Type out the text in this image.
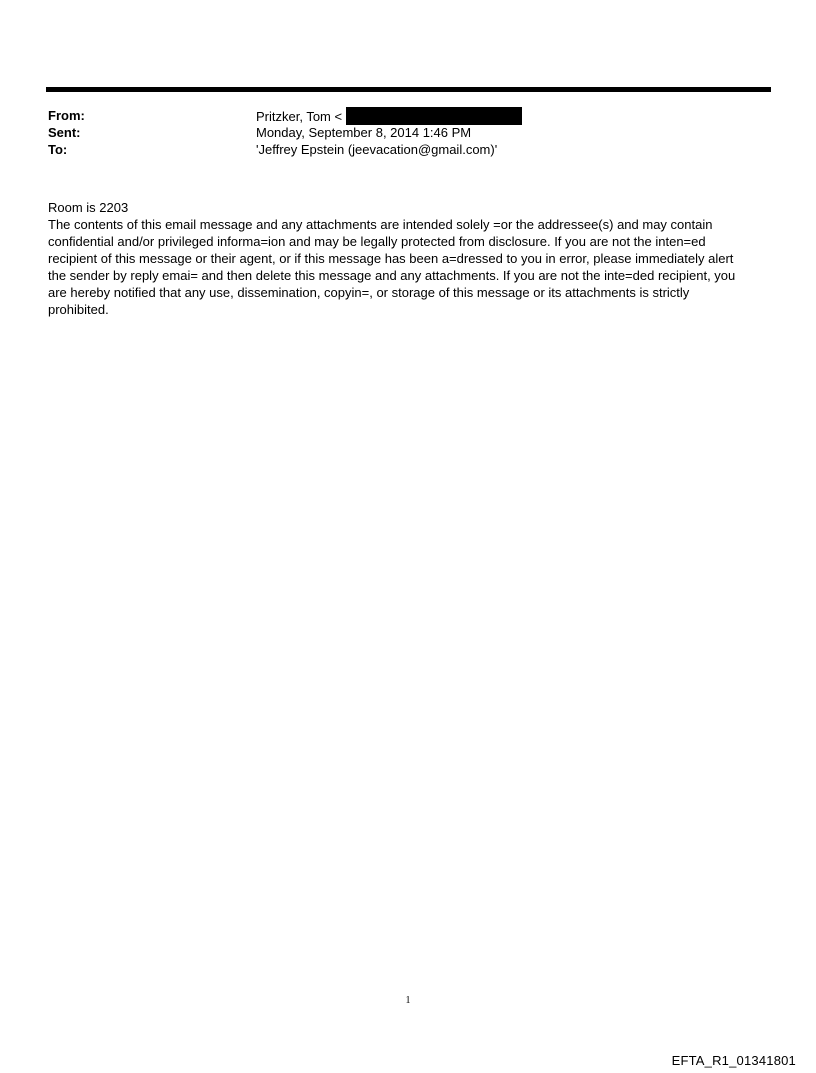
From:	Pritzker, Tom <
Sent:	Monday, September 8, 2014 1:46 PM
To:	'Jeffrey Epstein (jeevacation@gmail.com)'
Room is 2203
The contents of this email message and any attachments are intended solely =or the addressee(s) and may contain
confidential and/or privileged informa=ion and may be legally protected from disclosure. If you are not the inten=ed
recipient of this message or their agent, or if this message has been a=dressed to you in error, please immediately alert
the sender by reply emai= and then delete this message and any attachments. If you are not the inte=ded recipient, you
are hereby notified that any use, dissemination, copyin=, or storage of this message or its attachments is strictly
prohibited.
1
EFTA_R1_01341801
